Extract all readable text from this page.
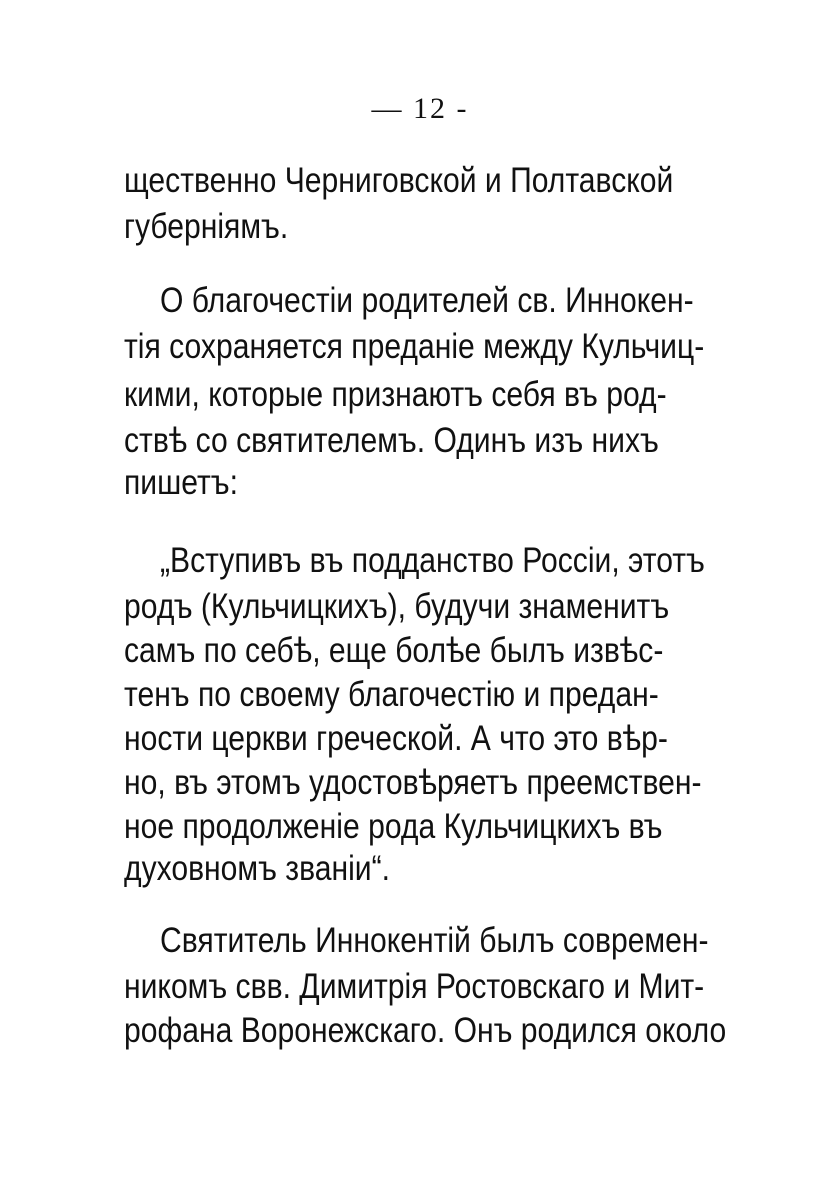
— 12 -
щественно Черниговской и Полтавской
губерніямъ.
О благочестіи родителей св. Иннокен-
тія сохраняется преданіе между Кульчиц-
кими, которые признаютъ себя въ род-
ствѣ со святителемъ. Одинъ изъ нихъ
пишетъ:
„Вступивъ въ подданство Россіи, этотъ
родъ (Кульчицкихъ), будучи знаменитъ
самъ по себѣ, еще болѣе былъ извѣс-
тенъ по своему благочестію и предан-
ности церкви греческой. А что это вѣр-
но, въ этомъ удостовѣряетъ преемствен-
ное продолженіе рода Кульчицкихъ въ
духовномъ званіи“.
Святитель Иннокентій былъ современ-
никомъ свв. Димитрія Ростовскаго и Мит-
рофана Воронежскаго. Онъ родился около
